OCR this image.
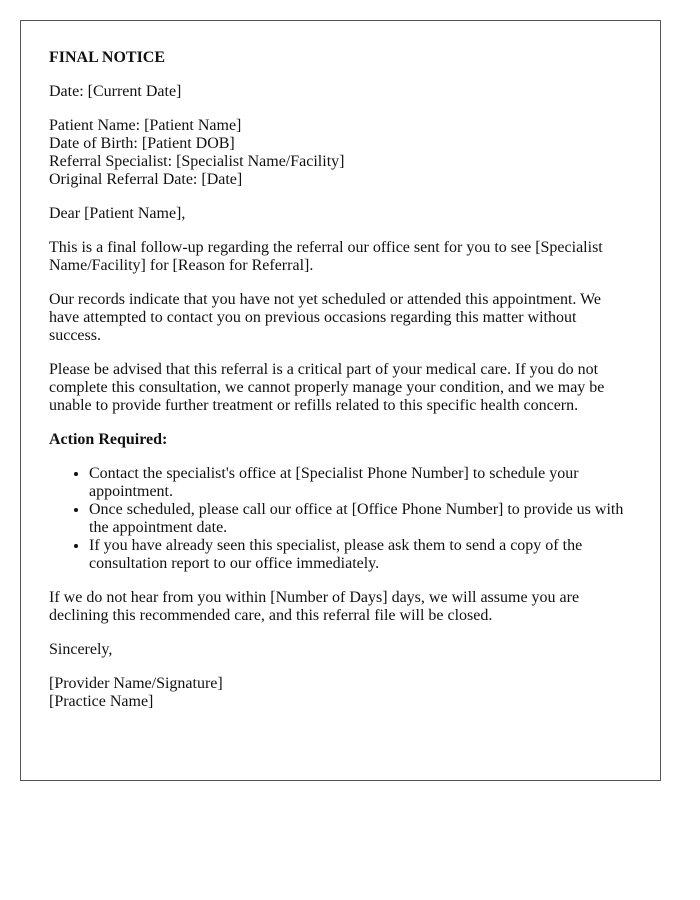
FINAL NOTICE

Date: [Current Date]

Patient Name: [Patient Name]
Date of Birth: [Patient DOB]
Referral Specialist: [Specialist Name/Facility]
Original Referral Date: [Date]

Dear [Patient Name],

This is a final follow-up regarding the referral our office sent for you to see [Specialist Name/Facility] for [Reason for Referral].

Our records indicate that you have not yet scheduled or attended this appointment. We have attempted to contact you on previous occasions regarding this matter without success.

Please be advised that this referral is a critical part of your medical care. If you do not complete this consultation, we cannot properly manage your condition, and we may be unable to provide further treatment or refills related to this specific health concern.

Action Required:

• Contact the specialist's office at [Specialist Phone Number] to schedule your appointment.
• Once scheduled, please call our office at [Office Phone Number] to provide us with the appointment date.
• If you have already seen this specialist, please ask them to send a copy of the consultation report to our office immediately.

If we do not hear from you within [Number of Days] days, we will assume you are declining this recommended care, and this referral file will be closed.

Sincerely,

[Provider Name/Signature]
[Practice Name]
